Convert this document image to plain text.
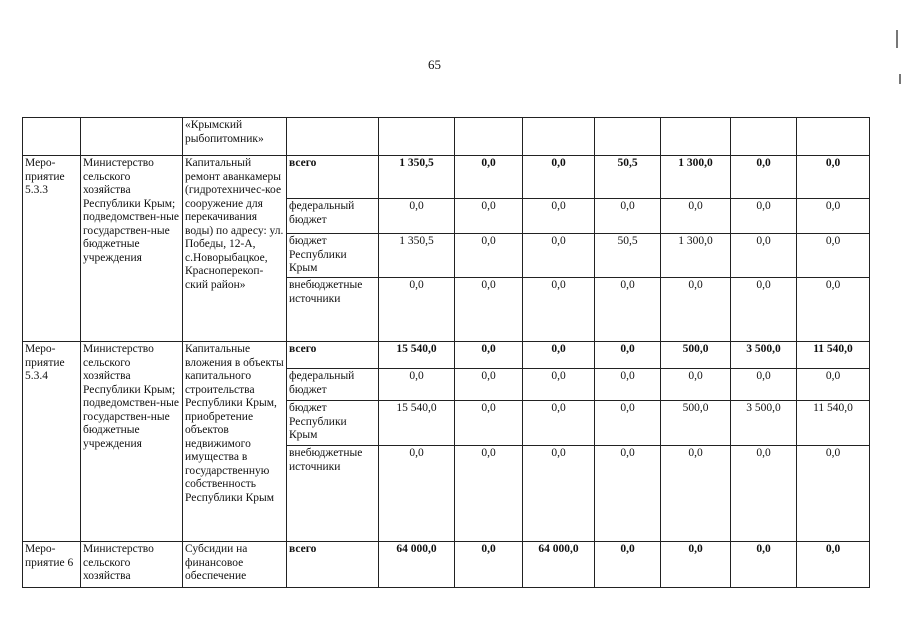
65
		«Крымский рыбопитомник»								
Меро-приятие 5.3.3	Министерство сельского хозяйства Республики Крым; подведомствен-ные государствен-ные бюджетные учреждения	Капитальный ремонт аванкамеры (гидротехничес-кое сооружение для перекачивания воды) по адресу: ул. Победы, 12-А, с.Новорыбацкое, Красноперекоп-ский район»	всего	1 350,5	0,0	0,0	50,5	1 300,0	0,0	0,0
			федеральный бюджет	0,0	0,0	0,0	0,0	0,0	0,0	0,0
			бюджет Республики Крым	1 350,5	0,0	0,0	50,5	1 300,0	0,0	0,0
			внебюджетные источники	0,0	0,0	0,0	0,0	0,0	0,0	0,0
Меро-приятие 5.3.4	Министерство сельского хозяйства Республики Крым; подведомствен-ные государствен-ные бюджетные учреждения	Капитальные вложения в объекты капитального строительства Республики Крым, приобретение объектов недвижимого имущества в государственную собственность Республики Крым	всего	15 540,0	0,0	0,0	0,0	500,0	3 500,0	11 540,0
			федеральный бюджет	0,0	0,0	0,0	0,0	0,0	0,0	0,0
			бюджет Республики Крым	15 540,0	0,0	0,0	0,0	500,0	3 500,0	11 540,0
			внебюджетные источники	0,0	0,0	0,0	0,0	0,0	0,0	0,0
Меро-приятие 6	Министерство сельского хозяйства	Субсидии на финансовое обеспечение	всего	64 000,0	0,0	64 000,0	0,0	0,0	0,0	0,0
